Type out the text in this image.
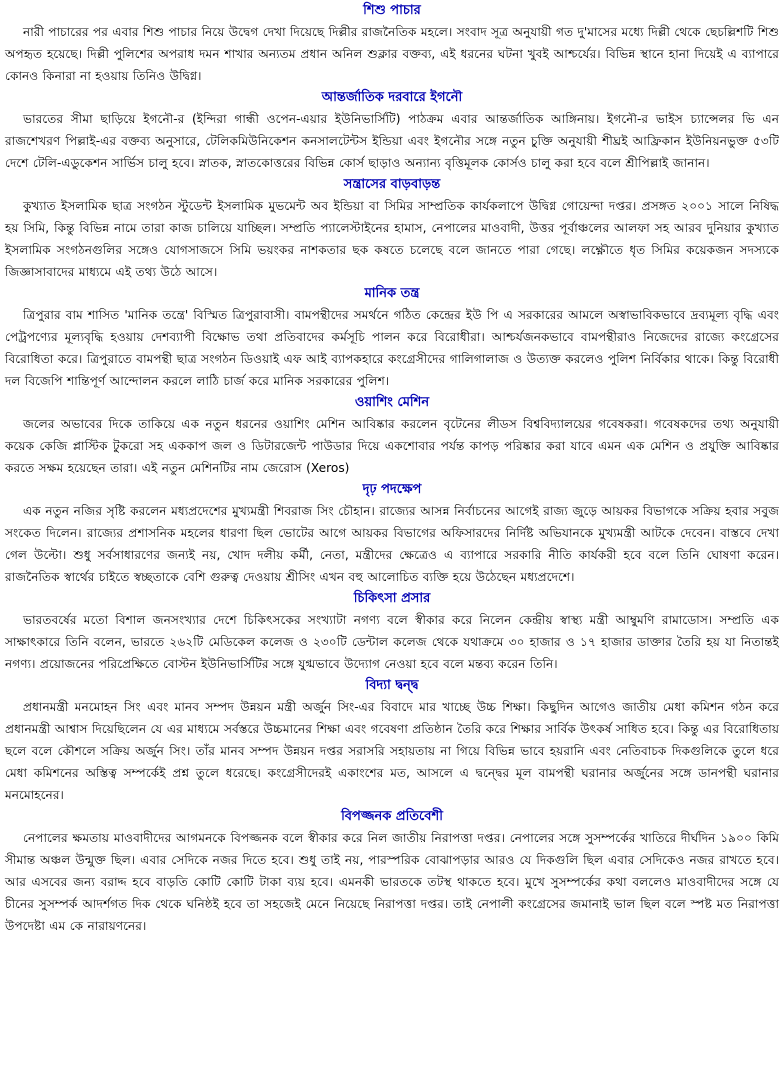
শিশু পাচার

নারী পাচারের পর এবার শিশু পাচার নিয়ে উদ্বেগ দেখা দিয়েছে দিল্লীর রাজনৈতিক মহলে। সংবাদ সূত্র অনুযায়ী গত দু'মাসের মধ্যে দিল্লী থেকে ছেচল্লিশটি শিশু অপহৃত হয়েছে। দিল্লী পুলিশের অপরাধ দমন শাখার অন্যতম প্রধান অনিল শুক্লার বক্তব্য, এই ধরনের ঘটনা খুবই আশ্চর্যের। বিভিন্ন স্থানে হানা দিয়েই এ ব্যাপারে কোনও কিনারা না হওয়ায় তিনিও উদ্বিগ্ন।

আন্তর্জাতিক দরবারে ইগনৌ

ভারতের সীমা ছাড়িয়ে ইগনৌ-র (ইন্দিরা গান্ধী ওপেন-এয়ার ইউনিভার্সিটি) পাঠক্রম এবার আন্তর্জাতিক আঙ্গিনায়। ইগনৌ-র ভাইস চ্যান্সেলর ভি এন রাজশেখরণ পিল্লাই-এর বক্তব্য অনুসারে, টেলিকমিউনিকেশন কনসালটেন্টস ইন্ডিয়া এবং ইগনৌর সঙ্গে নতুন চুক্তি অনুযায়ী শীঘ্রই আফ্রিকান ইউনিয়নভুক্ত ৫৩টি দেশে টেলি-এডুকেশন সার্ভিস চালু হবে। স্নাতক, স্নাতকোত্তরের বিভিন্ন কোর্স ছাড়াও অন্যান্য বৃত্তিমূলক কোর্সও চালু করা হবে বলে শ্রীপিল্লাই জানান।

সন্ত্রাসের বাড়বাড়ন্ত

কুখ্যাত ইসলামিক ছাত্র সংগঠন স্টুডেন্ট ইসলামিক মুভমেন্ট অব ইন্ডিয়া বা সিমির সাম্প্রতিক কার্যকলাপে উদ্বিগ্ন গোয়েন্দা দপ্তর। প্রসঙ্গত ২০০১ সালে নিষিদ্ধ হয় সিমি, কিন্তু বিভিন্ন নামে তারা কাজ চালিয়ে যাচ্ছিল। সম্প্রতি প্যালেস্টাইনের হামাস, নেপালের মাওবাদী, উত্তর পূর্বাঞ্চলের আলফা সহ আরব দুনিয়ার কুখ্যাত ইসলামিক সংগঠনগুলির সঙ্গেও যোগসাজসে সিমি ভয়ংকর নাশকতার ছক কষতে চলেছে বলে জানতে পারা গেছে। লক্ষ্ণৌতে ধৃত সিমির কয়েকজন সদস্যকে জিজ্ঞাসাবাদের মাধ্যমে এই তথ্য উঠে আসে।

মানিক তন্ত্র

ত্রিপুরার বাম শাসিত 'মানিক তন্ত্রে' বিস্মিত ত্রিপুরাবাসী। বামপন্থীদের সমর্থনে গঠিত কেন্দ্রের ইউ পি এ সরকারের আমলে অস্বাভাবিকভাবে দ্রব্যমূল্য বৃদ্ধি এবং পেট্রপণ্যের মূল্যবৃদ্ধি হওয়ায় দেশব্যাপী বিক্ষোভ তথা প্রতিবাদের কর্মসূচি পালন করে বিরোধীরা। আশ্চর্যজনকভাবে বামপন্থীরাও নিজেদের রাজ্যে কংগ্রেসের বিরোধিতা করে। ত্রিপুরাতে বামপন্থী ছাত্র সংগঠন ডিওয়াই এফ আই ব্যাপকহারে কংগ্রেসীদের গালিগালাজ ও উত্যক্ত করলেও পুলিশ নির্বিকার থাকে। কিন্তু বিরোধী দল বিজেপি শান্তিপূর্ণ আন্দোলন করলে লাঠি চার্জ করে মানিক সরকারের পুলিশ।

ওয়াশিং মেশিন

জলের অভাবের দিকে তাকিয়ে এক নতুন ধরনের ওয়াশিং মেশিন আবিষ্কার করলেন বৃটেনের লীডস বিশ্ববিদ্যালয়ের গবেষকরা। গবেষকদের তথ্য অনুযায়ী কয়েক কেজি প্লাস্টিক টুকরো সহ এককাপ জল ও ডিটারজেন্ট পাউডার দিয়ে একশোবার পর্যন্ত কাপড় পরিষ্কার করা যাবে এমন এক মেশিন ও প্রযুক্তি আবিষ্কার করতে সক্ষম হয়েছেন তারা। এই নতুন মেশিনটির নাম জেরোস (Xeros)

দৃঢ় পদক্ষেপ

এক নতুন নজির সৃষ্টি করলেন মধ্যপ্রদেশের মুখ্যমন্ত্রী শিবরাজ সিং চৌহান। রাজ্যের আসন্ন নির্বাচনের আগেই রাজ্য জুড়ে আয়কর বিভাগকে সক্রিয় হবার সবুজ সংকেত দিলেন। রাজ্যের প্রশাসনিক মহলের ধারণা ছিল ভোটের আগে আয়কর বিভাগের অফিসারদের নির্দিষ্ট অভিযানকে মুখ্যমন্ত্রী আটকে দেবেন। বাস্তবে দেখা গেল উল্টো। শুধু সর্বসাধারণের জন্যই নয়, খোদ দলীয় কর্মী, নেতা, মন্ত্রীদের ক্ষেত্রেও এ ব্যাপারে সরকারি নীতি কার্যকরী হবে বলে তিনি ঘোষণা করেন। রাজনৈতিক স্বার্থের চাইতে স্বচ্ছতাকে বেশি গুরুত্ব দেওয়ায় শ্রীসিং এখন বহু আলোচিত ব্যক্তি হয়ে উঠেছেন মধ্যপ্রদেশে।

চিকিৎসা প্রসার

ভারতবর্ষের মতো বিশাল জনসংখ্যার দেশে চিকিৎসকের সংখ্যাটা নগণ্য বলে স্বীকার করে নিলেন কেন্দ্রীয় স্বাস্থ্য মন্ত্রী আম্বুমণি রামাডোস। সম্প্রতি এক সাক্ষাৎকারে তিনি বলেন, ভারতে ২৬২টি মেডিকেল কলেজ ও ২৩০টি ডেন্টাল কলেজ থেকে যথাক্রমে ৩০ হাজার ও ১৭ হাজার ডাক্তার তৈরি হয় যা নিতান্তই নগণ্য। প্রয়োজনের পরিপ্রেক্ষিতে বোস্টন ইউনিভার্সিটির সঙ্গে যুগ্মভাবে উদ্যোগ নেওয়া হবে বলে মন্তব্য করেন তিনি।

বিদ্যা দ্বন্দ্ব

প্রধানমন্ত্রী মনমোহন সিং এবং মানব সম্পদ উন্নয়ন মন্ত্রী অর্জুন সিং-এর বিবাদে মার খাচ্ছে উচ্চ শিক্ষা। কিছুদিন আগেও জাতীয় মেধা কমিশন গঠন করে প্রধানমন্ত্রী আশ্বাস দিয়েছিলেন যে এর মাধ্যমে সর্বস্তরে উচ্চমানের শিক্ষা এবং গবেষণা প্রতিষ্ঠান তৈরি করে শিক্ষার সার্বিক উৎকর্ষ সাধিত হবে। কিন্তু এর বিরোধিতায় ছলে বলে কৌশলে সক্রিয় অর্জুন সিং। তাঁর মানব সম্পদ উন্নয়ন দপ্তর সরাসরি সহায়তায় না গিয়ে বিভিন্ন ভাবে হয়রানি এবং নেতিবাচক দিকগুলিকে তুলে ধরে মেধা কমিশনের অস্তিত্ব সম্পর্কেই প্রশ্ন তুলে ধরেছে। কংগ্রেসীদেরই একাংশের মত, আসলে এ দ্বন্দ্বের মূল বামপন্থী ঘরানার অর্জুনের সঙ্গে ডানপন্থী ঘরানার মনমোহনের।

বিপজ্জনক প্রতিবেশী

নেপালের ক্ষমতায় মাওবাদীদের আগমনকে বিপজ্জনক বলে স্বীকার করে নিল জাতীয় নিরাপত্তা দপ্তর। নেপালের সঙ্গে সুসম্পর্কের খাতিরে দীর্ঘদিন ১৯০০ কিমি সীমান্ত অঞ্চল উন্মুক্ত ছিল। এবার সেদিকে নজর দিতে হবে। শুধু তাই নয়, পারস্পরিক বোঝাপড়ার আরও যে দিকগুলি ছিল এবার সেদিকেও নজর রাখতে হবে। আর এসবের জন্য বরাদ্দ হবে বাড়তি কোটি কোটি টাকা ব্যয় হবে। এমনকী ভারতকে তটস্থ থাকতে হবে। মুখে সুসম্পর্কের কথা বললেও মাওবাদীদের সঙ্গে যে চীনের সুসম্পর্ক আদর্শগত দিক থেকে ঘনিষ্ঠই হবে তা সহজেই মেনে নিয়েছে নিরাপত্তা দপ্তর। তাই নেপালী কংগ্রেসের জমানাই ভাল ছিল বলে স্পষ্ট মত নিরাপত্তা উপদেষ্টা এম কে নারায়ণনের।
